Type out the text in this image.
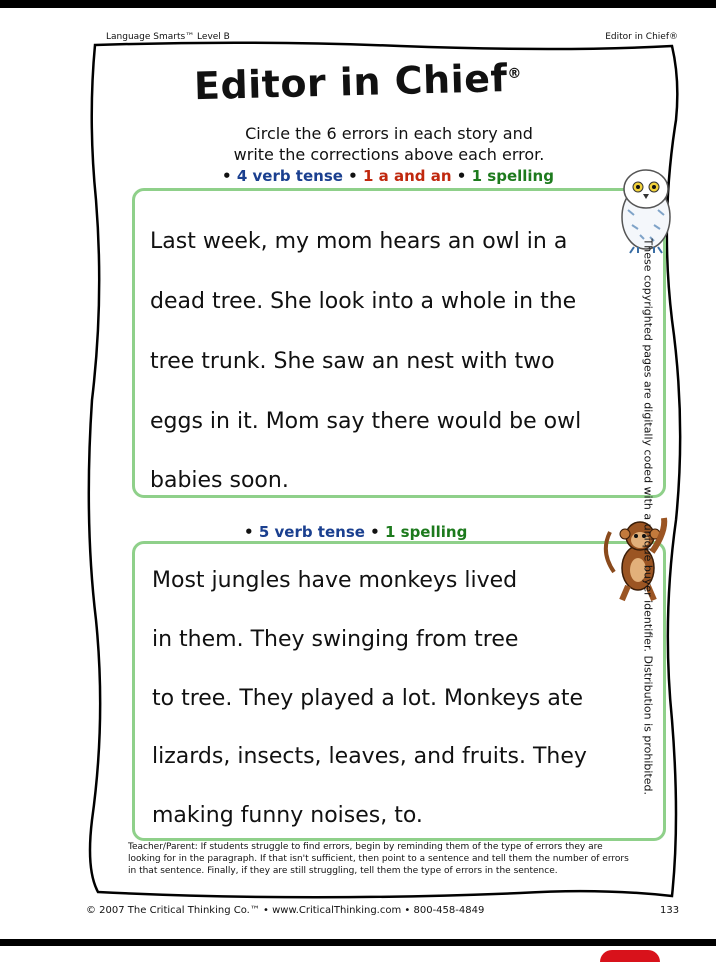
Language Smarts™ Level B	Editor in Chief®
Editor in Chief®
Circle the 6 errors in each story and
write the corrections above each error.
• 4 verb tense • 1 a and an • 1 spelling
Last week, my mom hears an owl in a
dead tree. She look into a whole in the
tree trunk. She saw an nest with two
eggs in it. Mom say there would be owl
babies soon.
• 5 verb tense • 1 spelling
Most jungles have monkeys lived
in them. They swinging from tree
to tree. They played a lot. Monkeys ate
lizards, insects, leaves, and fruits. They
making funny noises, to.
Teacher/Parent: If students struggle to find errors, begin by reminding them of the type of errors they are looking for in the paragraph. If that isn't sufficient, then point to a sentence and tell them the number of errors in that sentence. Finally, if they are still struggling, tell them the type of errors in the sentence.
© 2007 The Critical Thinking Co.™ • www.CriticalThinking.com • 800-458-4849	133
These copyrighted pages are digitally coded with a unique buyer identifier. Distribution is prohibited.
